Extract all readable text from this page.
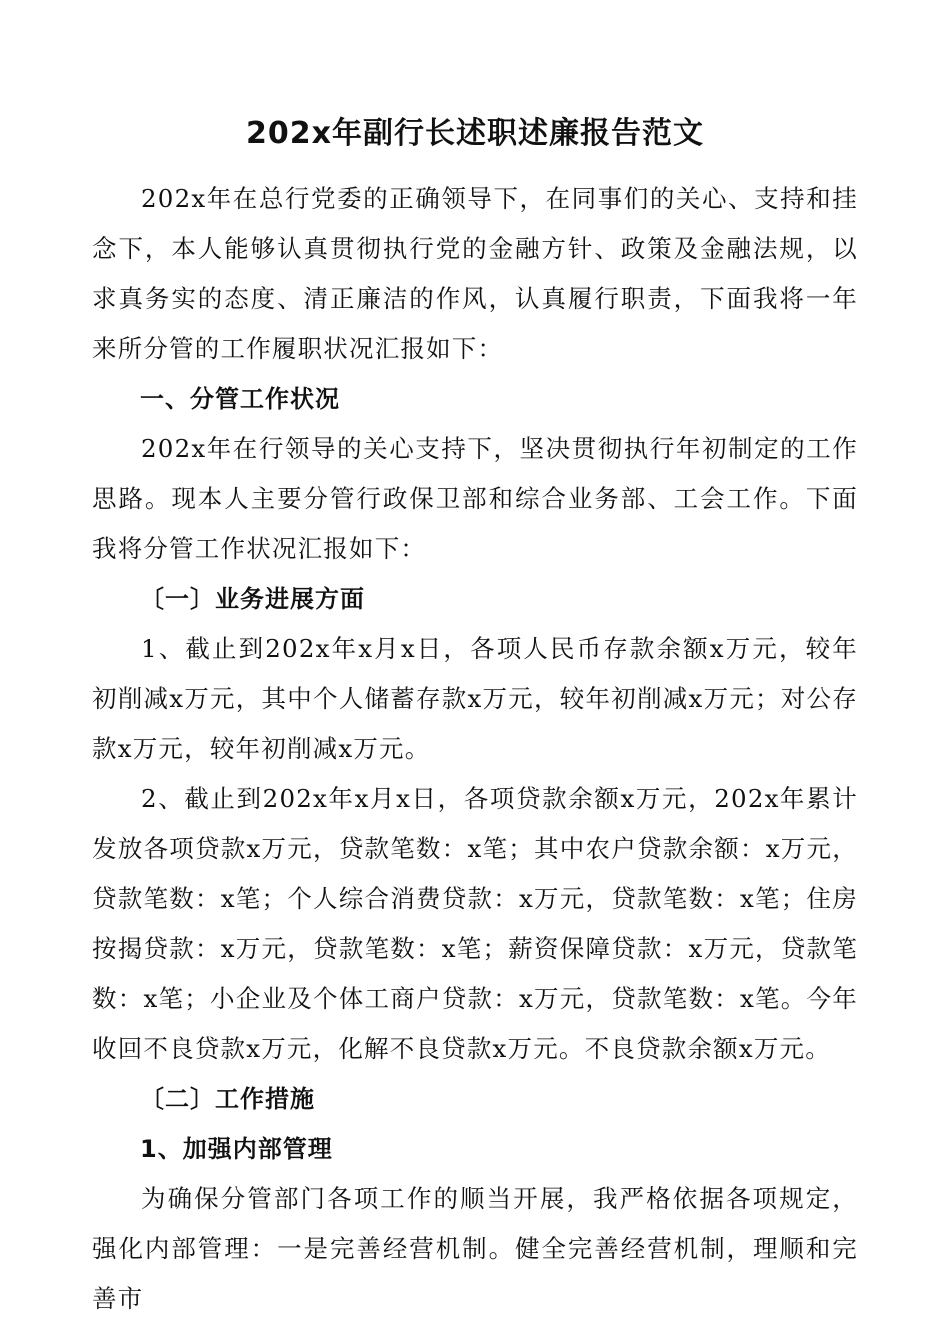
202x年副行长述职述廉报告范文

202x年在总行党委的正确领导下，在同事们的关心、支持和挂念下，本人能够认真贯彻执行党的金融方针、政策及金融法规，以求真务实的态度、清正廉洁的作风，认真履行职责，下面我将一年来所分管的工作履职状况汇报如下：

一、分管工作状况

202x年在行领导的关心支持下，坚决贯彻执行年初制定的工作思路。现本人主要分管行政保卫部和综合业务部、工会工作。下面我将分管工作状况汇报如下：

〔一〕业务进展方面

1、截止到202x年x月x日，各项人民币存款余额x万元，较年初削减x万元，其中个人储蓄存款x万元，较年初削减x万元；对公存款x万元，较年初削减x万元。

2、截止到202x年x月x日，各项贷款余额x万元，202x年累计发放各项贷款x万元，贷款笔数：x笔；其中农户贷款余额：x万元，贷款笔数：x笔；个人综合消费贷款：x万元，贷款笔数：x笔；住房按揭贷款：x万元，贷款笔数：x笔；薪资保障贷款：x万元，贷款笔数：x笔；小企业及个体工商户贷款：x万元，贷款笔数：x笔。今年收回不良贷款x万元，化解不良贷款x万元。不良贷款余额x万元。

〔二〕工作措施
1、加强内部管理

为确保分管部门各项工作的顺当开展，我严格依据各项规定，强化内部管理：一是完善经营机制。健全完善经营机制，理顺和完善市
